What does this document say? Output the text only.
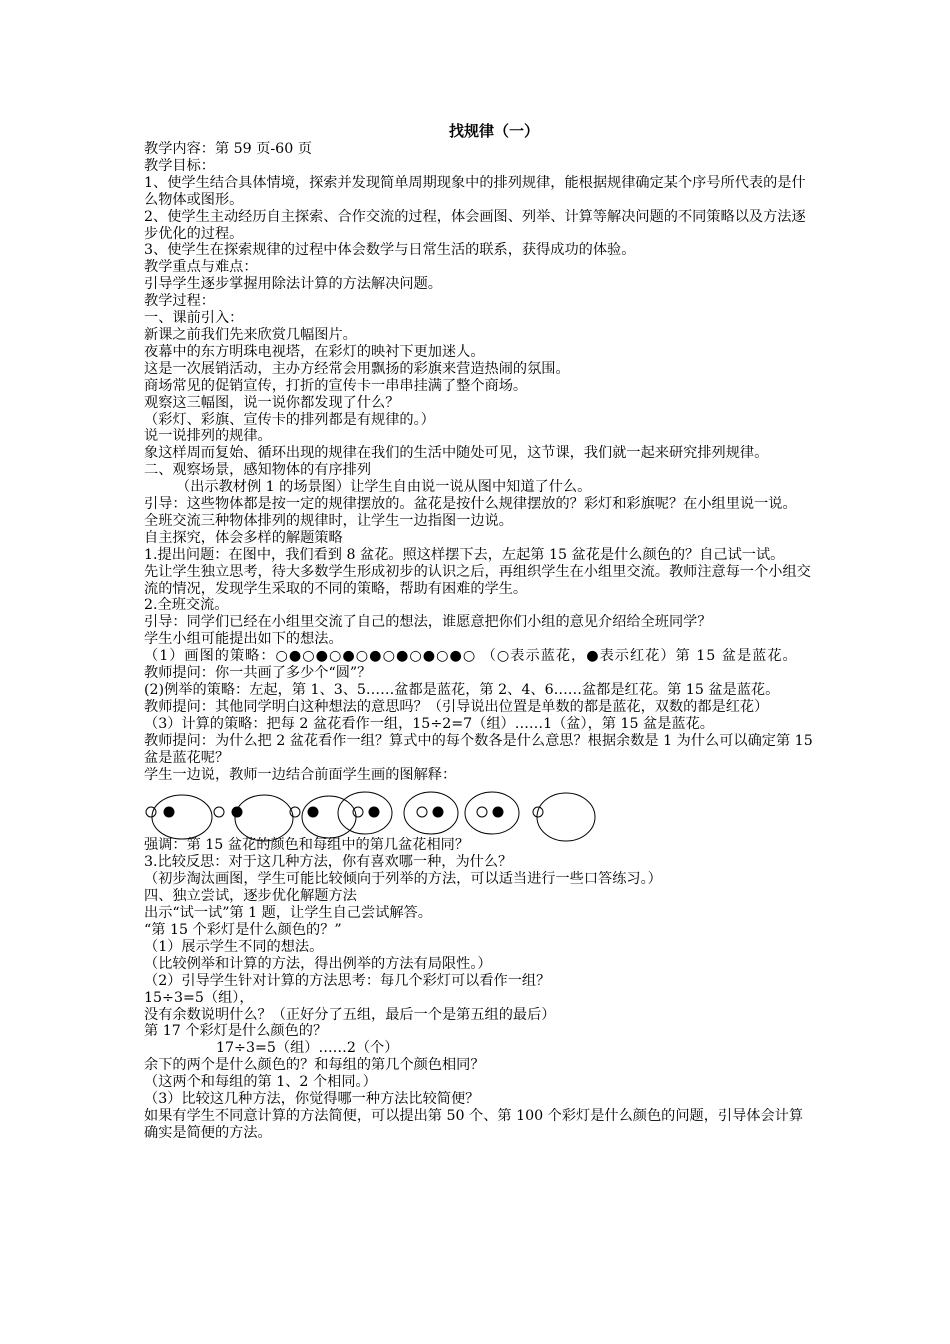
找规律（一）

教学内容：第 59 页-60 页

教学目标：

1、使学生结合具体情境，探索并发现简单周期现象中的排列规律，能根据规律确定某个序号所代表的是什么物体或图形。

2、使学生主动经历自主探索、合作交流的过程，体会画图、列举、计算等解决问题的不同策略以及方法逐步优化的过程。

3、使学生在探索规律的过程中体会数学与日常生活的联系，获得成功的体验。

教学重点与难点：

引导学生逐步掌握用除法计算的方法解决问题。

教学过程：

一、课前引入：

新课之前我们先来欣赏几幅图片。

夜幕中的东方明珠电视塔，在彩灯的映衬下更加迷人。

这是一次展销活动，主办方经常会用飘扬的彩旗来营造热闹的氛围。

商场常见的促销宣传，打折的宣传卡一串串挂满了整个商场。

观察这三幅图，说一说你都发现了什么？

（彩灯、彩旗、宣传卡的排列都是有规律的。）

说一说排列的规律。

象这样周而复始、循环出现的规律在我们的生活中随处可见，这节课，我们就一起来研究排列规律。

二、观察场景，感知物体的有序排列

（出示教材例 1 的场景图）让学生自由说一说从图中知道了什么。

引导：这些物体都是按一定的规律摆放的。盆花是按什么规律摆放的？彩灯和彩旗呢？在小组里说一说。

全班交流三种物体排列的规律时，让学生一边指图一边说。

自主探究，体会多样的解题策略

1.提出问题：在图中，我们看到 8 盆花。照这样摆下去，左起第 15 盆花是什么颜色的？自己试一试。

先让学生独立思考，待大多数学生形成初步的认识之后，再组织学生在小组里交流。教师注意每一个小组交流的情况，发现学生采取的不同的策略，帮助有困难的学生。

2.全班交流。

引导：同学们已经在小组里交流了自己的想法，谁愿意把你们小组的意见介绍给全班同学？

学生小组可能提出如下的想法。

（1）画图的策略：○●○●○●○●○●○●○●○ （○表示蓝花，●表示红花）第 15 盆是蓝花。

教师提问：你一共画了多少个“圆”？

(2)例举的策略：左起，第 1、3、5……盆都是蓝花，第 2、4、6……盆都是红花。第 15 盆是蓝花。

教师提问：其他同学明白这种想法的意思吗？（引导说出位置是单数的都是蓝花，双数的都是红花）

（3）计算的策略：把每 2 盆花看作一组，15÷2=7（组）……1（盆），第 15 盆是蓝花。

教师提问：为什么把 2 盆花看作一组？算式中的每个数各是什么意思？根据余数是 1 为什么可以确定第 15 盆是蓝花呢？

学生一边说，教师一边结合前面学生画的图解释：

强调：第 15 盆花的颜色和每组中的第几盆花相同？

3.比较反思：对于这几种方法，你有喜欢哪一种，为什么？

（初步淘汰画图，学生可能比较倾向于列举的方法，可以适当进行一些口答练习。）

四、独立尝试，逐步优化解题方法

出示“试一试”第 1 题，让学生自己尝试解答。

“第 15 个彩灯是什么颜色的？”

（1）展示学生不同的想法。

（比较例举和计算的方法，得出例举的方法有局限性。）

（2）引导学生针对计算的方法思考：每几个彩灯可以看作一组？

15÷3=5（组），

没有余数说明什么？（正好分了五组，最后一个是第五组的最后）

第 17 个彩灯是什么颜色的？

17÷3=5（组）……2（个）

余下的两个是什么颜色的？和每组的第几个颜色相同？

（这两个和每组的第 1、2 个相同。）

（3）比较这几种方法，你觉得哪一种方法比较简便？

如果有学生不同意计算的方法简便，可以提出第 50 个、第 100 个彩灯是什么颜色的问题，引导体会计算确实是简便的方法。
